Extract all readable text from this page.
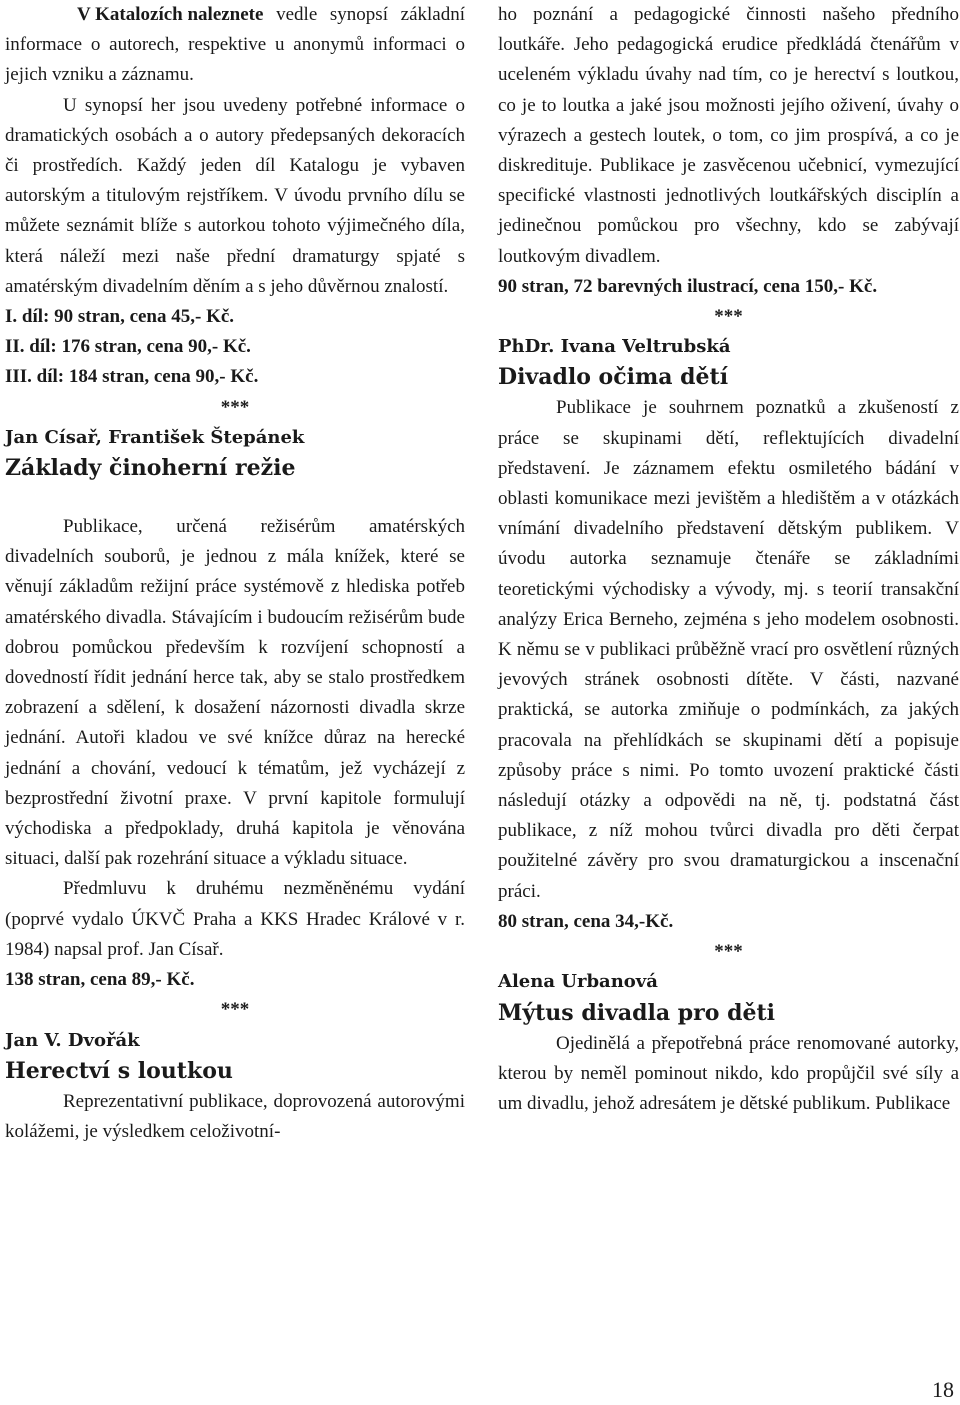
V Katalozích naleznete vedle synopsí základní informace o autorech, respektive u anonymů informaci o jejich vzniku a záznamu.

U synopsí her jsou uvedeny potřebné informace o dramatických osobách a o autory předepsaných dekoracích či prostředích. Každý jeden díl Katalogu je vybaven autorským a titulovým rejstříkem. V úvodu prvního dílu se můžete seznámit blíže s autorkou tohoto výjimečného díla, která náleží mezi naše přední dramaturgy spjaté s amatérským divadelním děním a s jeho důvěrnou znalostí.

I. díl: 90 stran, cena 45,- Kč.

II. díl: 176 stran, cena 90,- Kč.

III. díl: 184 stran, cena 90,- Kč.

***

Jan Císař, František Štepánek

Základy činoherní režie

Publikace, určená režisérům amatérských divadelních souborů, je jednou z mála knížek, které se věnují základům režijní práce systémově z hlediska potřeb amatérského divadla. Stávajícím i budoucím režisérům bude dobrou pomůckou především k rozvíjení schopností a dovedností řídit jednání herce tak, aby se stalo prostředkem zobrazení a sdělení, k dosažení názornosti divadla skrze jednání. Autoři kladou ve své knížce důraz na herecké jednání a chování, vedoucí k tématům, jež vycházejí z bezprostřední životní praxe. V první kapitole formulují východiska a předpoklady, druhá kapitola je věnována situaci, další pak rozehrání situace a výkladu situace.

Předmluvu k druhému nezměněnému vydání (poprvé vydalo ÚKVČ Praha a KKS Hradec Králové v r. 1984) napsal prof. Jan Císař.

138 stran, cena 89,- Kč.

***

Jan V. Dvořák

Herectví s loutkou

Reprezentativní publikace, doprovozená autorovými kolážemi, je výsledkem celoživotní-

ho poznání a pedagogické činnosti našeho předního loutkáře. Jeho pedagogická erudice předkládá čtenářům v uceleném výkladu úvahy nad tím, co je herectví s loutkou, co je to loutka a jaké jsou možnosti jejího oživení, úvahy o výrazech a gestech loutek, o tom, co jim prospívá, a co je diskredituje. Publikace je zasvěcenou učebnicí, vymezující specifické vlastnosti jednotlivých loutkářských disciplín a jedinečnou pomůckou pro všechny, kdo se zabývají loutkovým divadlem.

90 stran, 72 barevných ilustrací, cena 150,- Kč.

***

PhDr. Ivana Veltrubská

Divadlo očima dětí

Publikace je souhrnem poznatků a zkušeností z práce se skupinami dětí, reflektujících divadelní představení. Je záznamem efektu osmiletého bádání v oblasti komunikace mezi jevištěm a hledištěm a v otázkách vnímání divadelního představení dětským publikem. V úvodu autorka seznamuje čtenáře se základními teoretickými východisky a vývody, mj. s teorií transakční analýzy Erica Berneho, zejména s jeho modelem osobnosti. K němu se v publikaci průběžně vrací pro osvětlení různých jevových stránek osobnosti dítěte. V části, nazvané praktická, se autorka zmiňuje o podmínkách, za jakých pracovala na přehlídkách se skupinami dětí a popisuje způsoby práce s nimi. Po tomto uvození praktické části následují otázky a odpovědi na ně, tj. podstatná část publikace, z níž mohou tvůrci divadla pro děti čerpat použitelné závěry pro svou dramaturgickou a inscenační práci.

80 stran, cena 34,-Kč.

***

Alena Urbanová

Mýtus divadla pro děti

Ojedinělá a přepotřebná práce renomované autorky, kterou by neměl pominout nikdo, kdo propůjčil své síly a um divadlu, jehož adresátem je dětské publikum. Publikace

18
